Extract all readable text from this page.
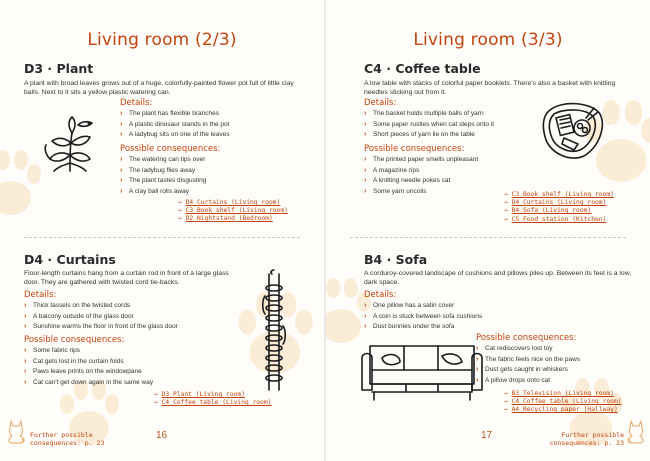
Living room (2/3)
D3 · Plant
A plant with broad leaves grows out of a huge, colorfully-painted flower pot full of little clay balls. Next to it sits a yellow plastic watering can.
Details:
› The plant has flexible branches
› A plastic dinosaur stands in the pot
› A ladybug sits on one of the leaves
Possible consequences:
› The watering can tips over
› The ladybug flies away
› The plant tastes disgusting
› A clay ball rolls away
→ D4 Curtains (Living room)
→ C3 Book shelf (Living room)
→ D2 Nightstand (Bedroom)
D4 · Curtains
Floor-length curtains hang from a curtain rod in front of a large glass door. They are gathered with twisted cord tie-backs.
Details:
› Thick tassels on the twisted cords
› A balcony outside of the glass door
› Sunshine warms the floor in front of the glass door
Possible consequences:
› Some fabric rips
› Cat gets lost in the curtain folds
› Paws leave prints on the windowpane
› Cat can't get down again in the same way
→ D3 Plant (Living room)
→ C4 Coffee table (Living room)
Further possible consequences: p. 23
16
Living room (3/3)
C4 · Coffee table
A low table with stacks of colorful paper booklets. There's also a basket with knitting needles sticking out from it.
Details:
› The basket holds multiple balls of yarn
› Some paper rustles when cat steps onto it
› Short pieces of yarn lie on the table
Possible consequences:
› The printed paper smells unpleasant
› A magazine rips
› A knitting needle pokes cat
› Some yarn uncoils	→ C3 Book shelf (Living room)
→ D4 Curtains (Living room)
→ B4 Sofa (Living room)
→ C5 Food station (Kitchen)
B4 · Sofa
A corduroy-covered landscape of cushions and pillows piles up. Between its feet is a low, dark space.
Details:
› One pillow has a satin cover
› A coin is stuck between sofa cushions
› Dust bunnies under the sofa
Possible consequences:
› Cat rediscovers lost toy
› The fabric feels nice on the paws
› Dust gets caught in whiskers
› A pillow drops onto cat
→ B3 Television (Living room)
→ C4 Coffee table (Living room)
→ A4 Recycling paper (Hallway)
17	Further possible consequences: p. 23
